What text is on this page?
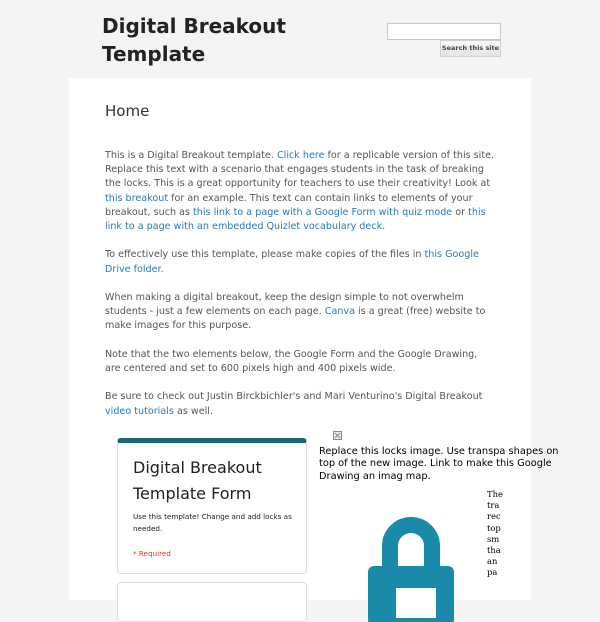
Digital Breakout Template	Search this site
Home

This is a Digital Breakout template. Click here for a replicable version of this site. Replace this text with a scenario that engages students in the task of breaking the locks. This is a great opportunity for teachers to use their creativity! Look at this breakout for an example. This text can contain links to elements of your breakout, such as this link to a page with a Google Form with quiz mode or this link to a page with an embedded Quizlet vocabulary deck.

To effectively use this template, please make copies of the files in this Google Drive folder.

When making a digital breakout, keep the design simple to not overwhelm students - just a few elements on each page. Canva is a great (free) website to make images for this purpose.

Note that the two elements below, the Google Form and the Google Drawing, are centered and set to 600 pixels high and 400 pixels wide.

Be sure to check out Justin Birckbichler's and Mari Venturino's Digital Breakout video tutorials as well.

Digital Breakout Template Form
Use this template! Change and add locks as needed.
* Required
Replace this locks image. Use transpa shapes on top of the new image. Link to make this Google Drawing an imag map.
The tra rec top sm tha an pa
